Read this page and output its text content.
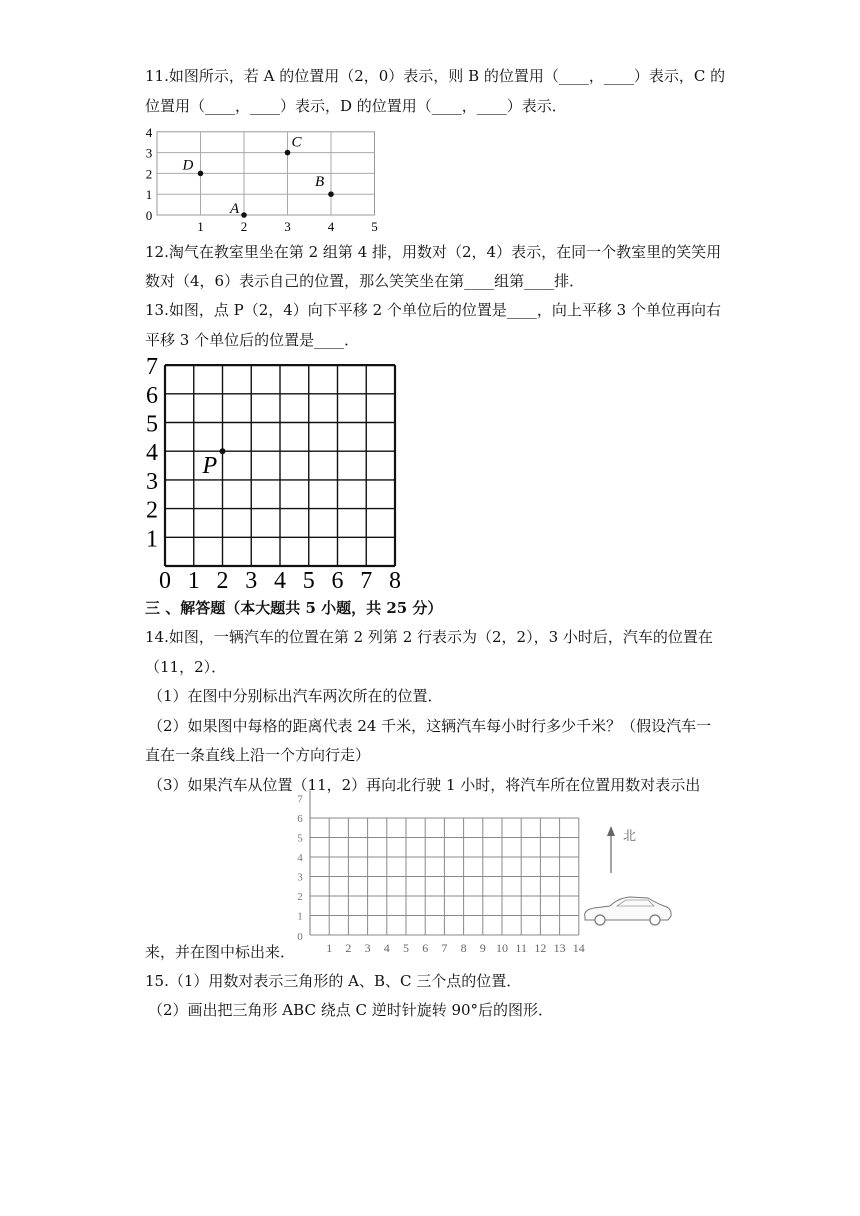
11.如图所示，若 A 的位置用（2，0）表示，则 B 的位置用（____，____）表示，C 的
位置用（____，____）表示，D 的位置用（____，____）表示．
1	2	3	4	5
0
1
2
3
4
A
B
C
D
0 1 2 3 4 5 6 7 8
1
2
3
4
5
6
7
P
0
1 2 3 4 5 6 7 8 9 10 11 12 13 14
1
2
3
4
5
6
7
北
12.淘气在教室里坐在第 2 组第 4 排，用数对（2，4）表示，在同一个教室里的笑笑用
数对（4，6）表示自己的位置，那么笑笑坐在第____组第____排．
13.如图，点 P（2，4）向下平移 2 个单位后的位置是____，向上平移 3 个单位再向右
平移 3 个单位后的位置是____．
三 、解答题（本大题共 5 小题，共 25 分）
14.如图，一辆汽车的位置在第 2 列第 2 行表示为（2，2），3 小时后，汽车的位置在
（11，2）．
（1）在图中分别标出汽车两次所在的位置．
（2）如果图中每格的距离代表 24 千米，这辆汽车每小时行多少千米？（假设汽车一
直在一条直线上沿一个方向行走）
（3）如果汽车从位置（11，2）再向北行驶 1 小时，将汽车所在位置用数对表示出
来，并在图中标出来．
15.（1）用数对表示三角形的 A、B、C 三个点的位置．
（2）画出把三角形 ABC 绕点 C 逆时针旋转 90°后的图形．
